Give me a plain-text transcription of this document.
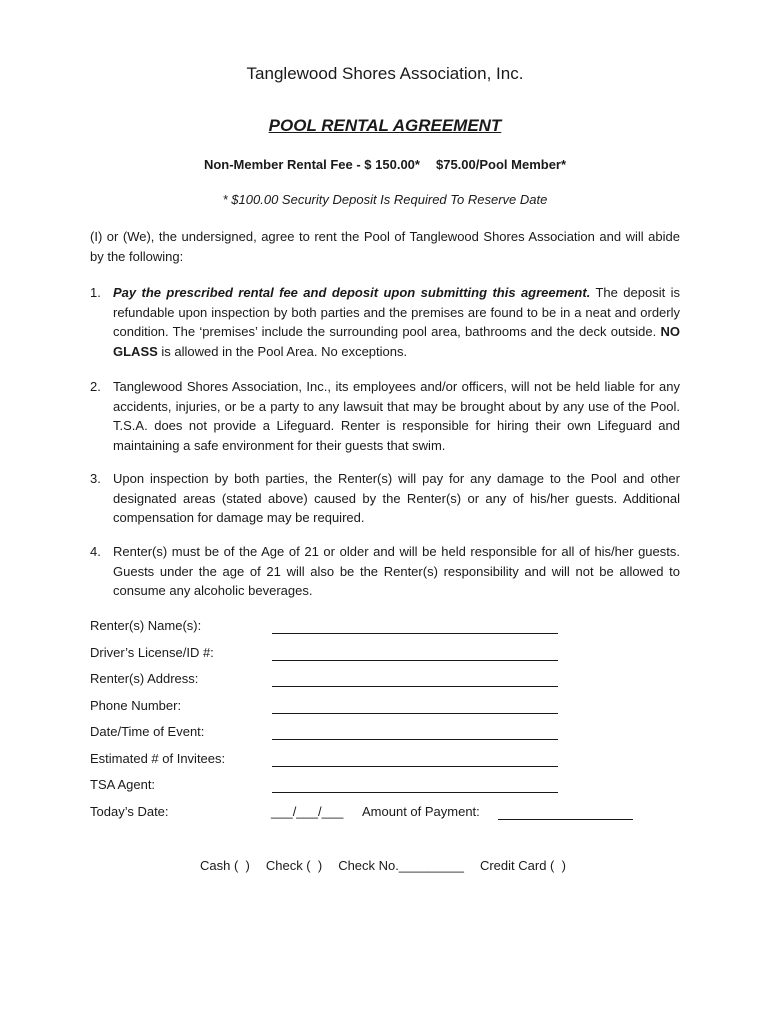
Tanglewood Shores Association, Inc.
POOL RENTAL AGREEMENT
Non-Member Rental Fee - $ 150.00* $75.00/Pool Member*
* $100.00 Security Deposit Is Required To Reserve Date
(I) or (We), the undersigned, agree to rent the Pool of Tanglewood Shores Association and will abide by the following:
1. Pay the prescribed rental fee and deposit upon submitting this agreement. The deposit is refundable upon inspection by both parties and the premises are found to be in a neat and orderly condition. The ‘premises’ include the surrounding pool area, bathrooms and the deck outside. NO GLASS is allowed in the Pool Area. No exceptions.
2. Tanglewood Shores Association, Inc., its employees and/or officers, will not be held liable for any accidents, injuries, or be a party to any lawsuit that may be brought about by any use of the Pool. T.S.A. does not provide a Lifeguard. Renter is responsible for hiring their own Lifeguard and maintaining a safe environment for their guests that swim.
3. Upon inspection by both parties, the Renter(s) will pay for any damage to the Pool and other designated areas (stated above) caused by the Renter(s) or any of his/her guests. Additional compensation for damage may be required.
4. Renter(s) must be of the Age of 21 or older and will be held responsible for all of his/her guests. Guests under the age of 21 will also be the Renter(s) responsibility and will not be allowed to consume any alcoholic beverages.
Renter(s) Name(s):
Driver’s License/ID #:
Renter(s) Address:
Phone Number:
Date/Time of Event:
Estimated # of Invitees:
TSA Agent:
Today’s Date:	___/___/___ Amount of Payment:
Cash (  ) Check (  ) Check No._________ Credit Card (  )
